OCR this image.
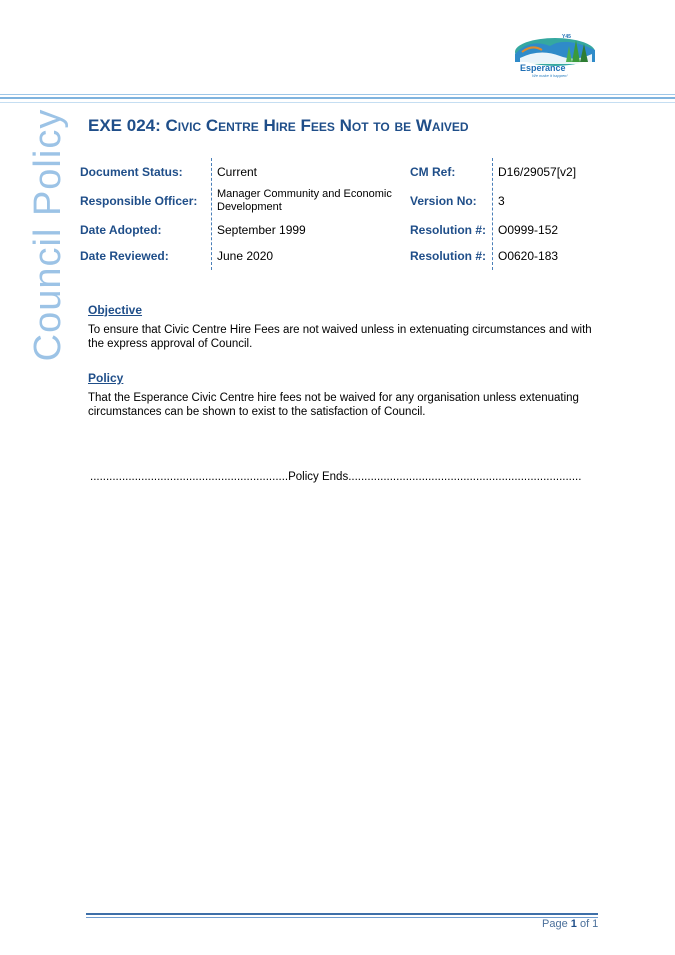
Y45
Esperance
We make it happen!
Council Policy EXE 024: Civic Centre Hire Fees Not to be Waived
Document Status:	Current	CM Ref:	D16/29057[v2]
Responsible Officer: Manager Community and Economic Development	Version No: 3
Date Adopted:	September 1999	Resolution #: O0999-152
Date Reviewed:	June 2020	Resolution #: O0620-183
Objective
To ensure that Civic Centre Hire Fees are not waived unless in extenuating circumstances and with the express approval of Council.
Policy
That the Esperance Civic Centre hire fees not be waived for any organisation unless extenuating circumstances can be shown to exist to the satisfaction of Council.
..............................................................Policy Ends.........................................................................
Page 1 of 1
